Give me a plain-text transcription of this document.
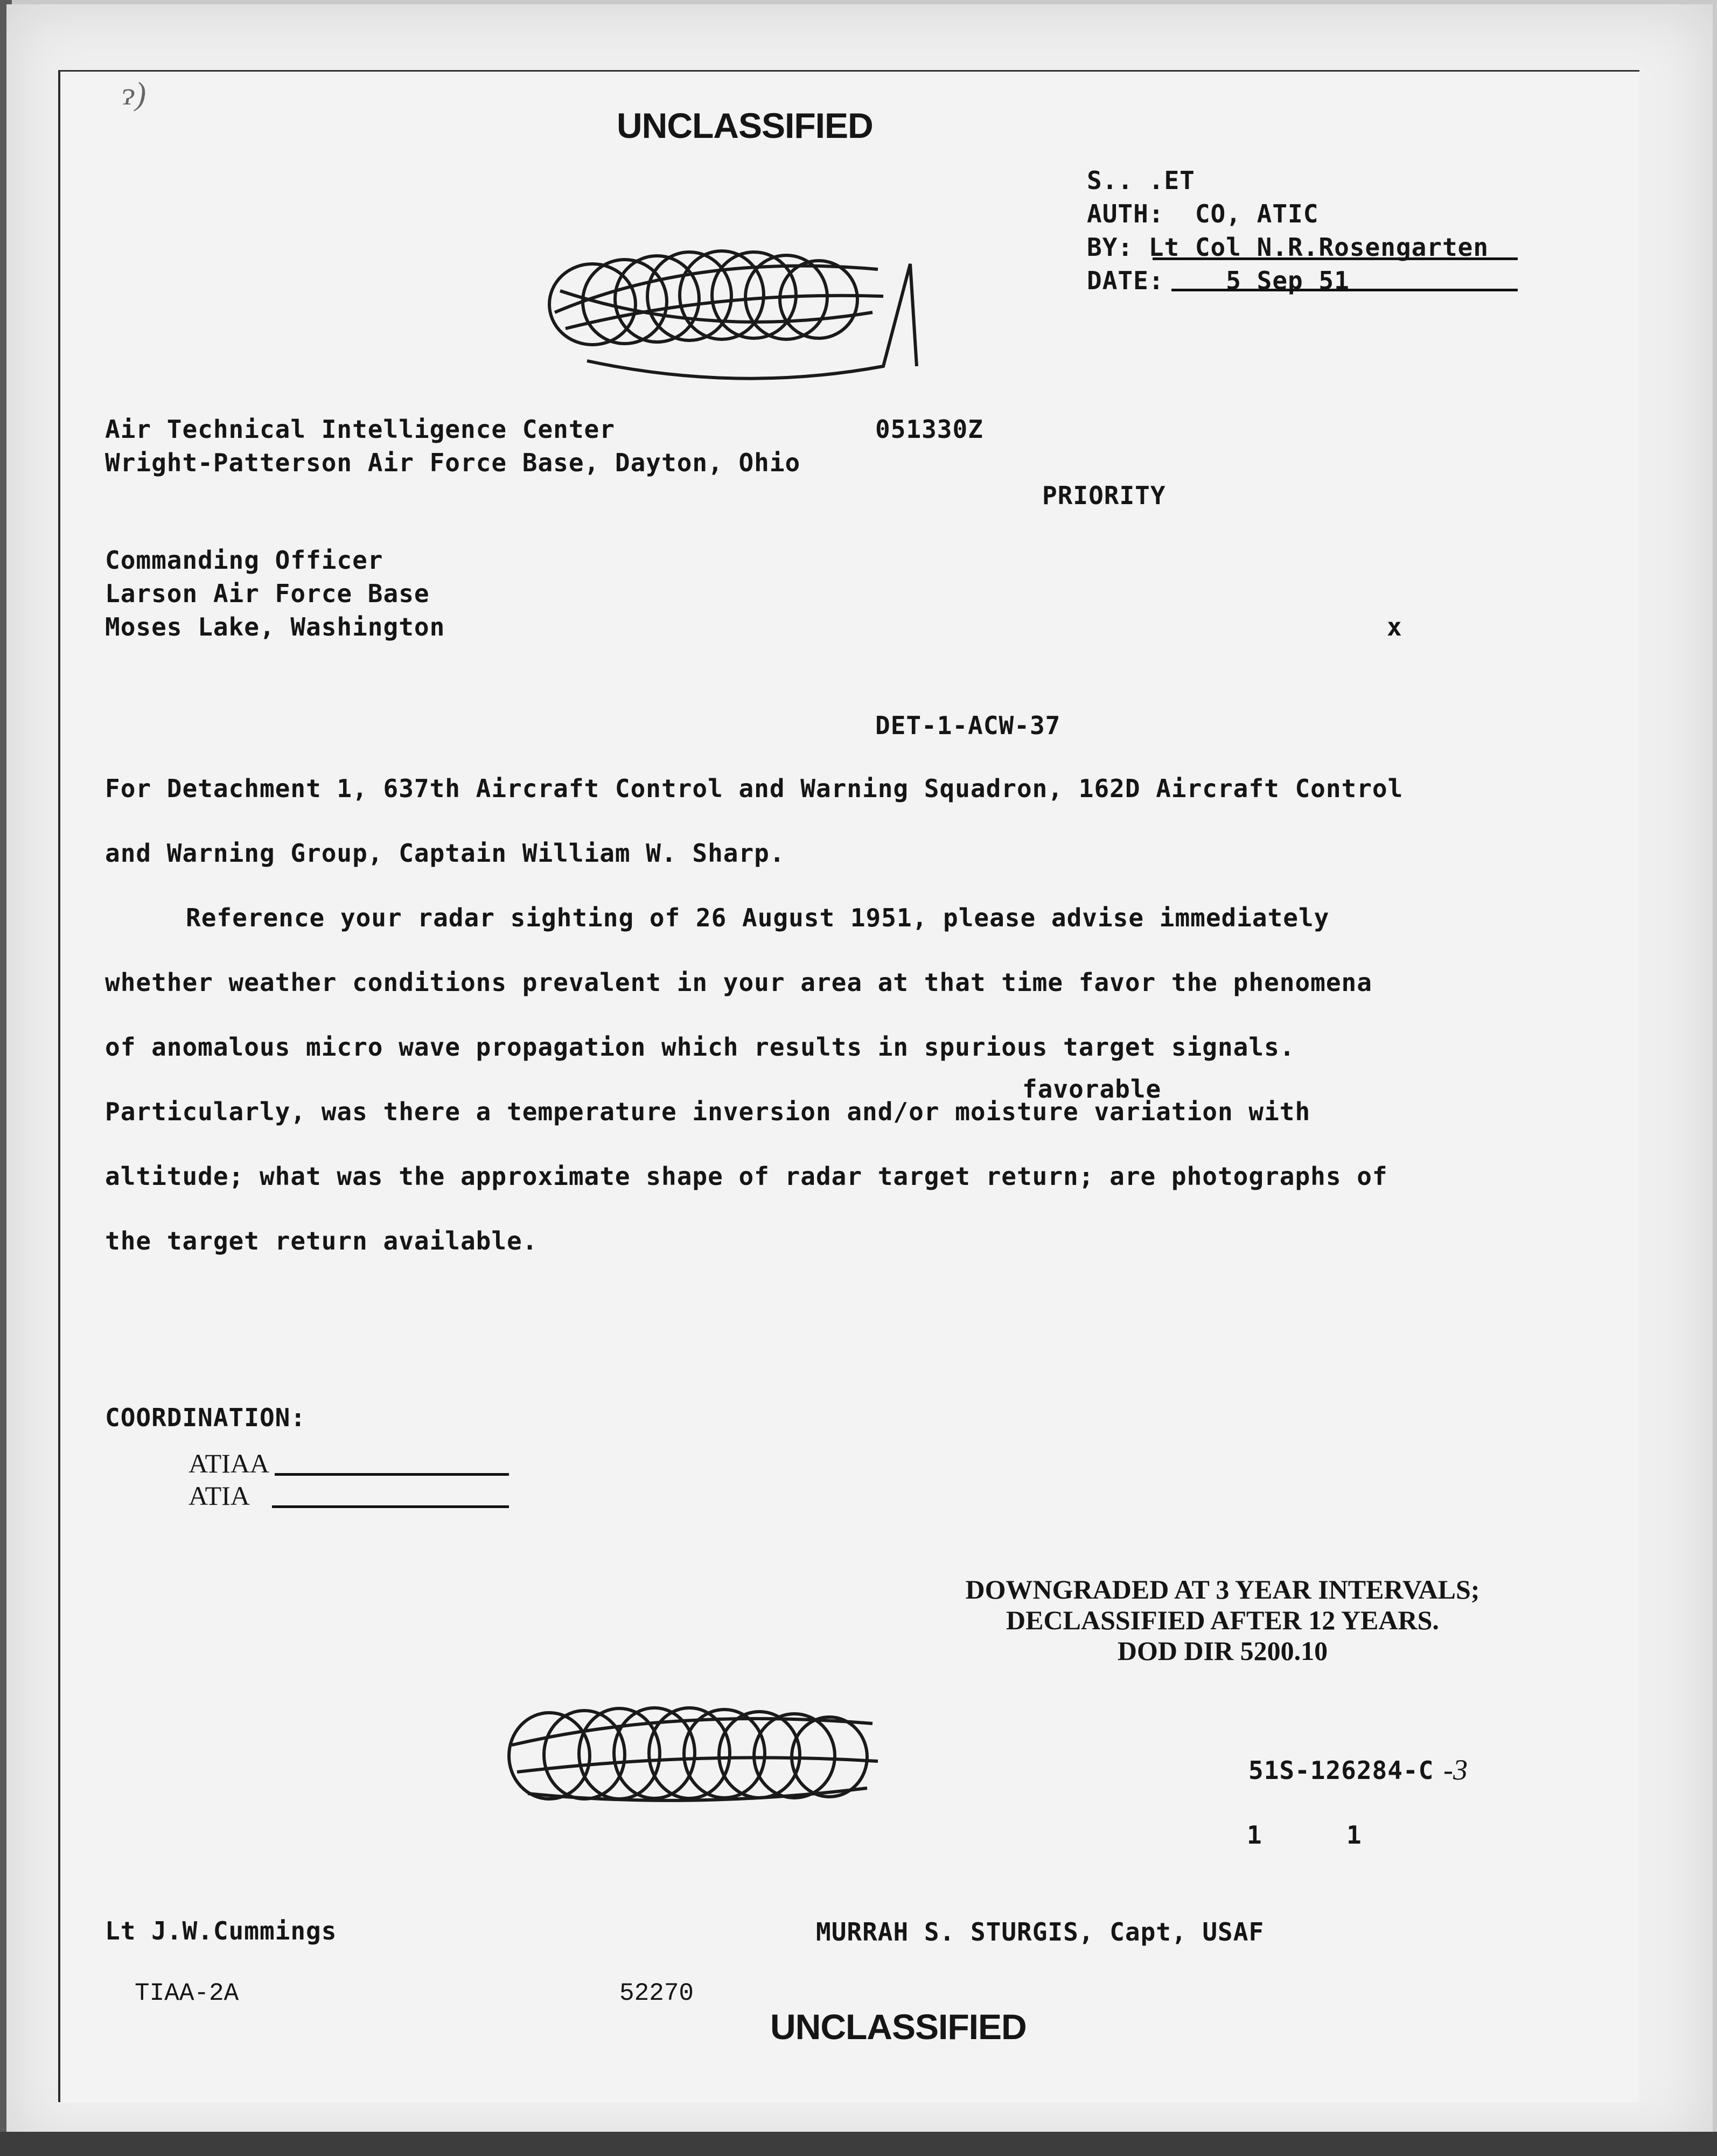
UNCLASSIFIED
ɂ)
S.. .ET
AUTH:  CO, ATIC
BY: Lt Col N.R.Rosengarten
DATE:    5 Sep 51
Air Technical Intelligence Center
Wright-Patterson Air Force Base, Dayton, Ohio
051330Z
PRIORITY
Commanding Officer
Larson Air Force Base
Moses Lake, Washington	x
DET-1-ACW-37
For Detachment 1, 637th Aircraft Control and Warning Squadron, 162D Aircraft Control
and Warning Group, Captain William W. Sharp.
Reference your radar sighting of 26 August 1951, please advise immediately
whether weather conditions prevalent in your area at that time favor the phenomena
of anomalous micro wave propagation which results in spurious target signals.
favorable
Particularly, was there a temperature inversion and/or moisture variation with
altitude; what was the approximate shape of radar target return; are photographs of
the target return available.
COORDINATION:
ATIAA
ATIA
DOWNGRADED AT 3 YEAR INTERVALS;
DECLASSIFIED AFTER 12 YEARS.
DOD DIR 5200.10
51S-126284-C -3
1	1
Lt J.W.Cummings	MURRAH S. STURGIS, Capt, USAF
TIAA-2A	52270
UNCLASSIFIED
